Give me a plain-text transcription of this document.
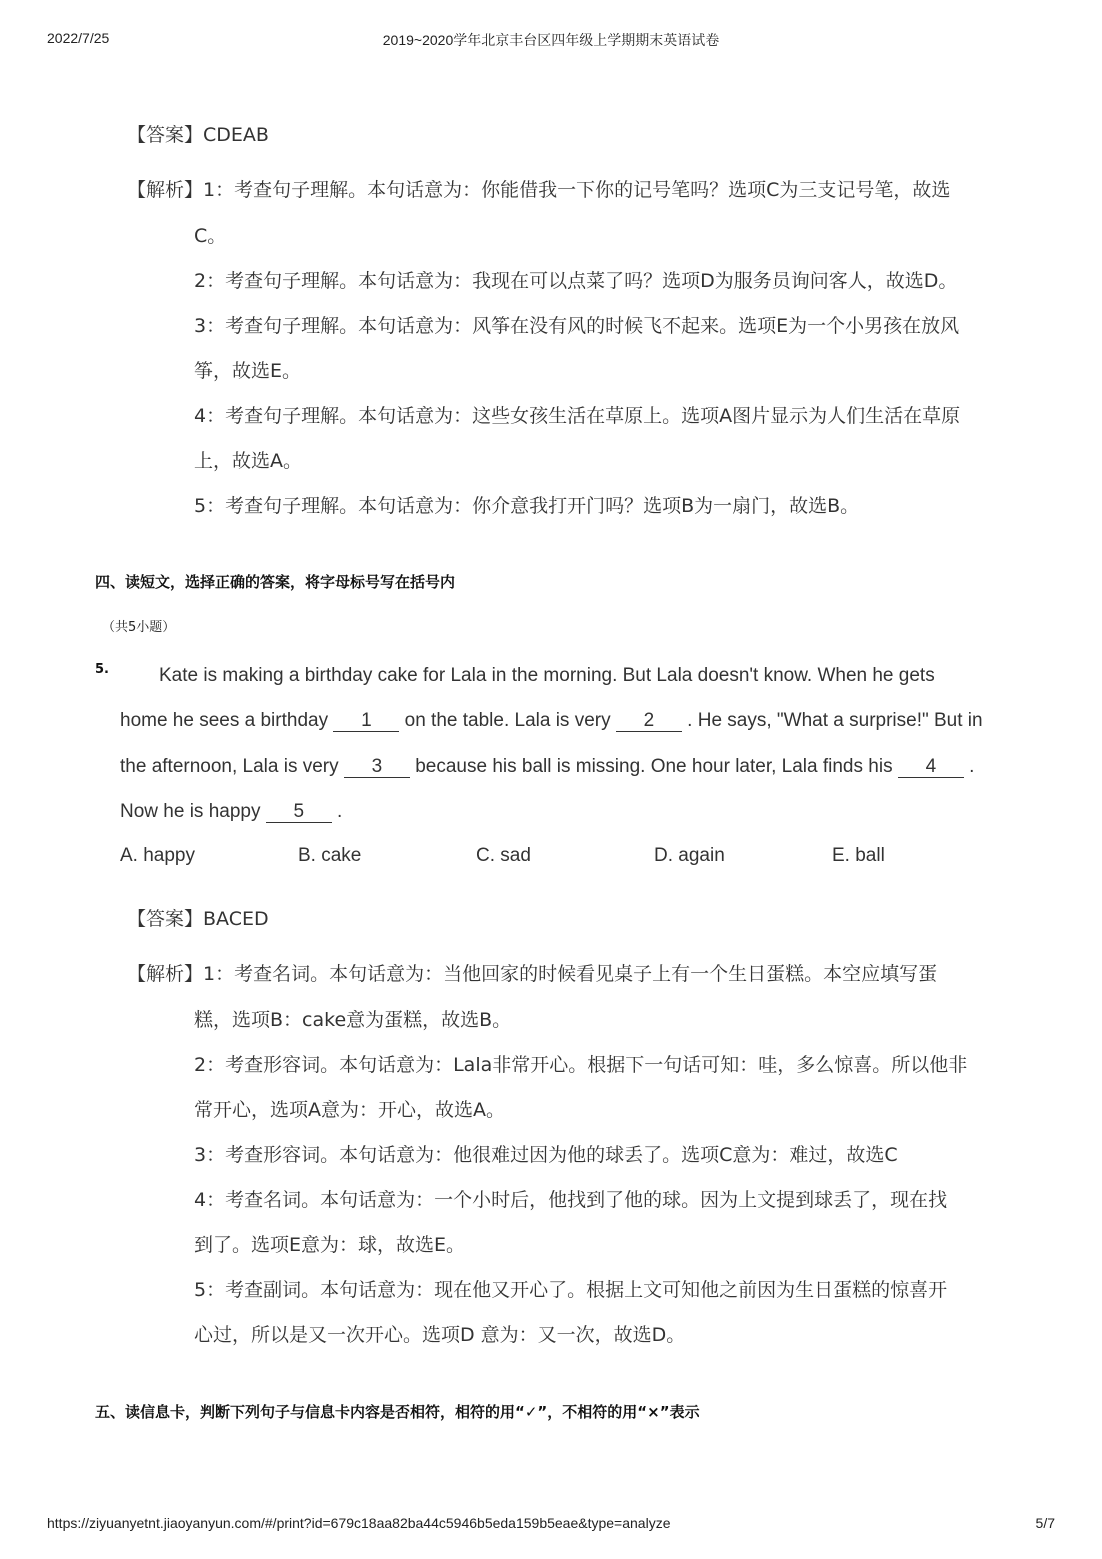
2022/7/25	2019~2020学年北京丰台区四年级上学期期末英语试卷
【答案】CDEAB
【解析】1：考查句子理解。本句话意为：你能借我一下你的记号笔吗？选项C为三支记号笔，故选
C。
2：考查句子理解。本句话意为：我现在可以点菜了吗？选项D为服务员询问客人，故选D。
3：考查句子理解。本句话意为：风筝在没有风的时候飞不起来。选项E为一个小男孩在放风
筝，故选E。
4：考查句子理解。本句话意为：这些女孩生活在草原上。选项A图片显示为人们生活在草原
上，故选A。
5：考查句子理解。本句话意为：你介意我打开门吗？选项B为一扇门，故选B。
四、读短文，选择正确的答案，将字母标号写在括号内
（共5小题）
5.	Kate is making a birthday cake for Lala in the morning. But Lala doesn't know. When he gets
home he sees a birthday 1 on the table. Lala is very 2 . He says, "What a surprise!" But in
the afternoon, Lala is very 3 because his ball is missing. One hour later, Lala finds his 4 .
Now he is happy 5 .
A. happy	B. cake	C. sad	D. again	E. ball
【答案】BACED
【解析】1：考查名词。本句话意为：当他回家的时候看见桌子上有一个生日蛋糕。本空应填写蛋
糕，选项B：cake意为蛋糕，故选B。
2：考查形容词。本句话意为：Lala非常开心。根据下一句话可知：哇，多么惊喜。所以他非
常开心，选项A意为：开心，故选A。
3：考查形容词。本句话意为：他很难过因为他的球丢了。选项C意为：难过，故选C
4：考查名词。本句话意为：一个小时后，他找到了他的球。因为上文提到球丢了，现在找
到了。选项E意为：球，故选E。
5：考查副词。本句话意为：现在他又开心了。根据上文可知他之前因为生日蛋糕的惊喜开
心过，所以是又一次开心。选项D 意为：又一次，故选D。
五、读信息卡，判断下列句子与信息卡内容是否相符，相符的用“✓”，不相符的用“×”表示
https://ziyuanyetnt.jiaoyanyun.com/#/print?id=679c18aa82ba44c5946b5eda159b5eae&type=analyze	5/7
